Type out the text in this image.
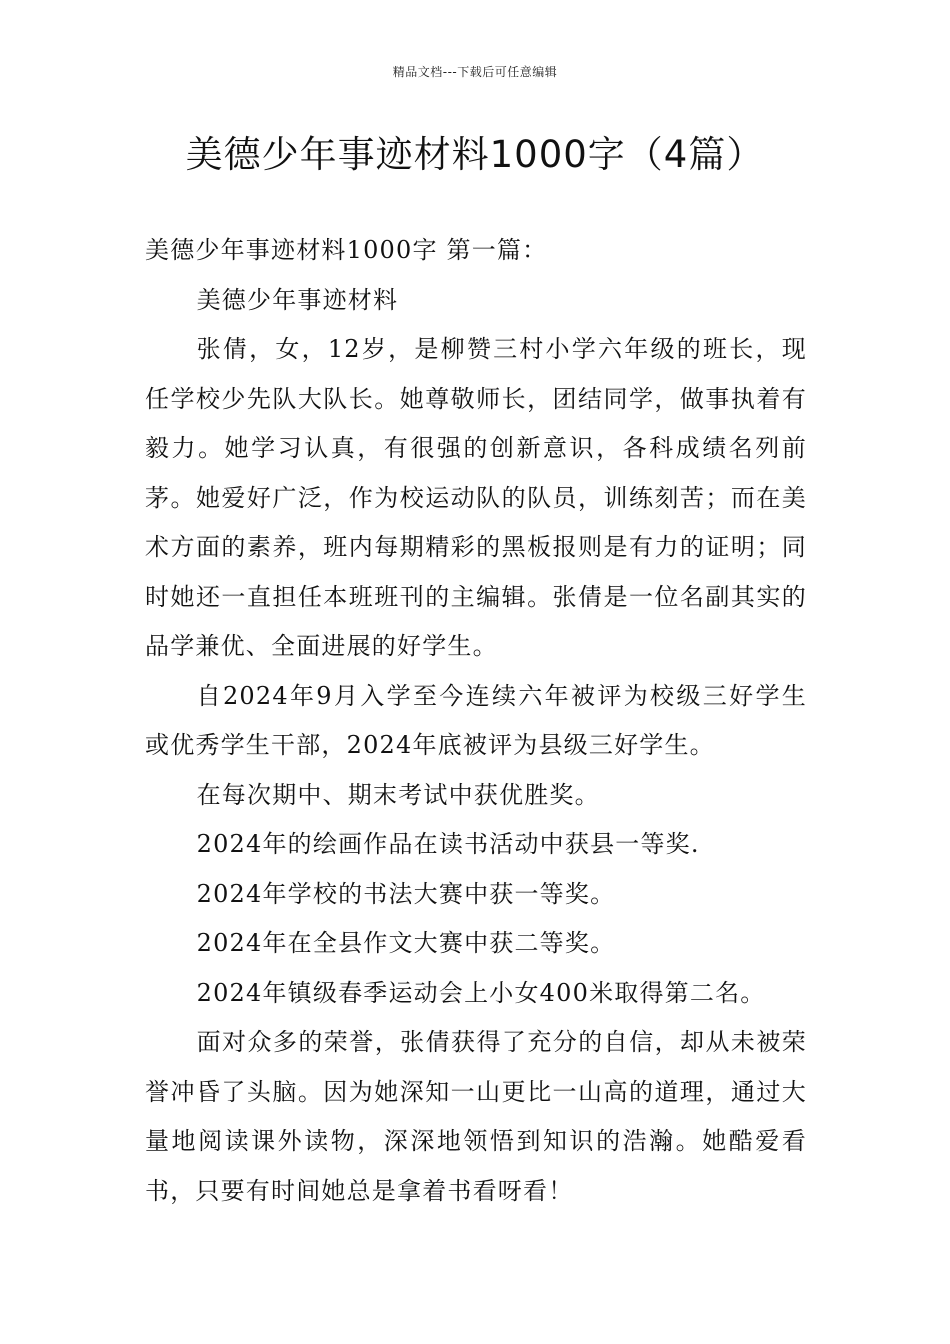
精品文档---下载后可任意编辑
美德少年事迹材料1000字（4篇）

美德少年事迹材料1000字 第一篇：

美德少年事迹材料

张倩，女，12岁，是柳赞三村小学六年级的班长，现任学校少先队大队长。她尊敬师长，团结同学，做事执着有毅力。她学习认真，有很强的创新意识，各科成绩名列前茅。她爱好广泛，作为校运动队的队员，训练刻苦；而在美术方面的素养，班内每期精彩的黑板报则是有力的证明；同时她还一直担任本班班刊的主编辑。张倩是一位名副其实的品学兼优、全面进展的好学生。

自2024年9月入学至今连续六年被评为校级三好学生或优秀学生干部，2024年底被评为县级三好学生。

在每次期中、期末考试中获优胜奖。

2024年的绘画作品在读书活动中获县一等奖.

2024年学校的书法大赛中获一等奖。

2024年在全县作文大赛中获二等奖。

2024年镇级春季运动会上小女400米取得第二名。

面对众多的荣誉，张倩获得了充分的自信，却从未被荣誉冲昏了头脑。因为她深知一山更比一山高的道理，通过大量地阅读课外读物，深深地领悟到知识的浩瀚。她酷爱看书，只要有时间她总是拿着书看呀看！
